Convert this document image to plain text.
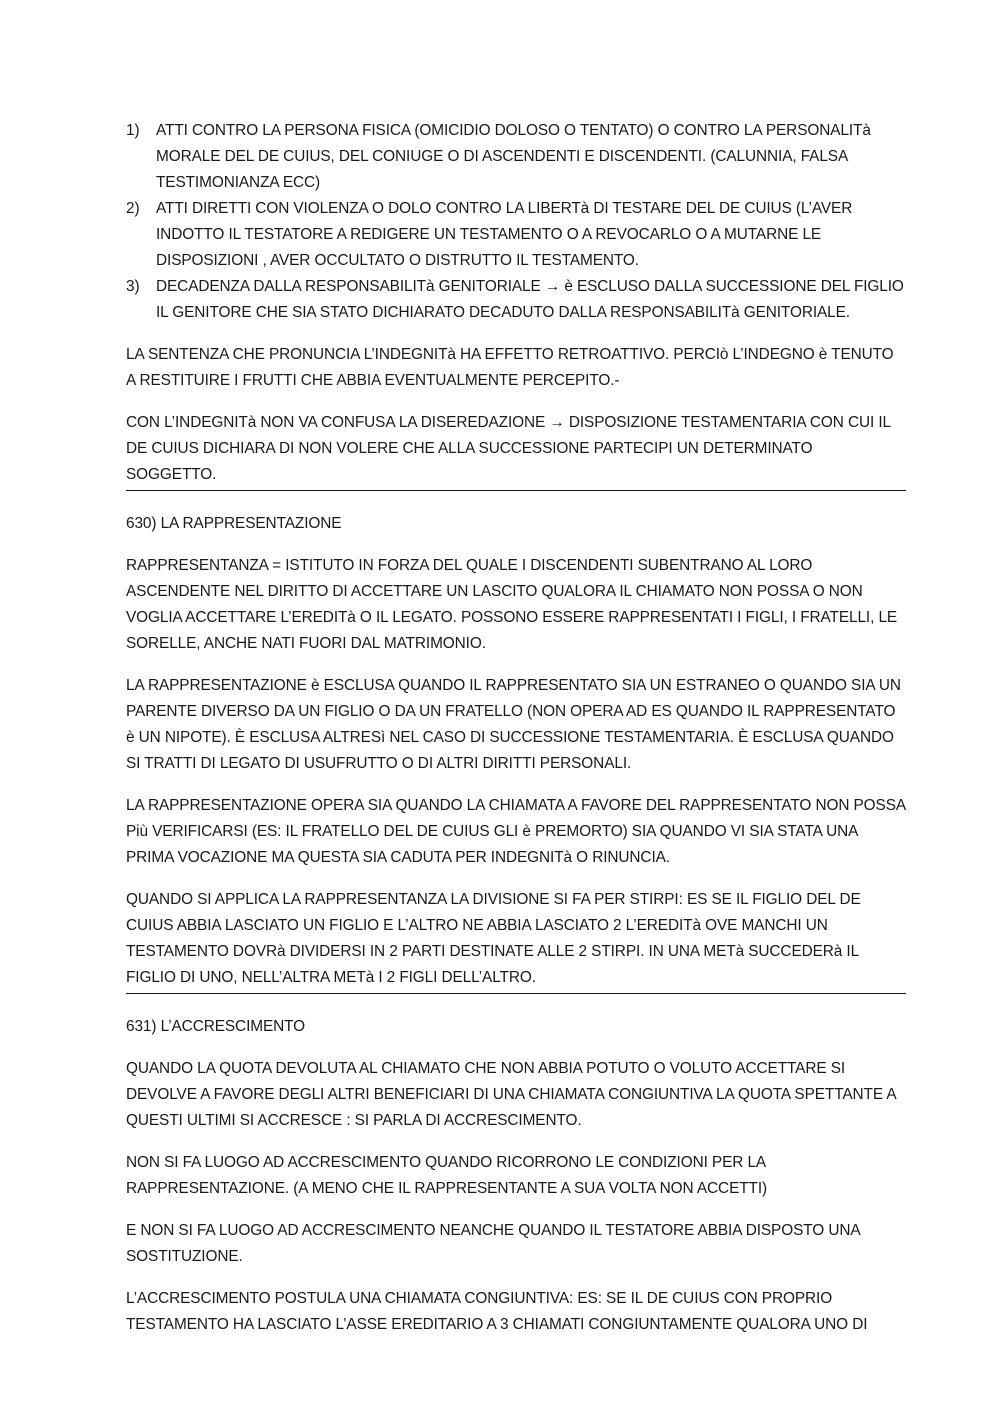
1) ATTI CONTRO LA PERSONA FISICA (OMICIDIO DOLOSO O TENTATO) O CONTRO LA PERSONALITà MORALE DEL DE CUIUS, DEL CONIUGE O DI ASCENDENTI E DISCENDENTI. (CALUNNIA, FALSA TESTIMONIANZA ECC)
2) ATTI DIRETTI CON VIOLENZA O DOLO CONTRO LA LIBERTà DI TESTARE DEL DE CUIUS (L’AVER INDOTTO IL TESTATORE A REDIGERE UN TESTAMENTO O A REVOCARLO O A MUTARNE LE DISPOSIZIONI , AVER OCCULTATO O DISTRUTTO IL TESTAMENTO.
3) DECADENZA DALLA RESPONSABILITà GENITORIALE → è ESCLUSO DALLA SUCCESSIONE DEL FIGLIO IL GENITORE CHE SIA STATO DICHIARATO DECADUTO DALLA RESPONSABILITà GENITORIALE.

LA SENTENZA CHE PRONUNCIA L’INDEGNITà HA EFFETTO RETROATTIVO. PERCIò L’INDEGNO è TENUTO A RESTITUIRE I FRUTTI CHE ABBIA EVENTUALMENTE PERCEPITO.-

CON L’INDEGNITà NON VA CONFUSA LA DISEREDAZIONE → DISPOSIZIONE TESTAMENTARIA CON CUI IL DE CUIUS DICHIARA DI NON VOLERE CHE ALLA SUCCESSIONE PARTECIPI UN DETERMINATO SOGGETTO.

630) LA RAPPRESENTAZIONE

RAPPRESENTANZA = ISTITUTO IN FORZA DEL QUALE I DISCENDENTI SUBENTRANO AL LORO ASCENDENTE NEL DIRITTO DI ACCETTARE UN LASCITO QUALORA IL CHIAMATO NON POSSA O NON VOGLIA ACCETTARE L’EREDITà O IL LEGATO. POSSONO ESSERE RAPPRESENTATI I FIGLI, I FRATELLI, LE SORELLE, ANCHE NATI FUORI DAL MATRIMONIO.

LA RAPPRESENTAZIONE è ESCLUSA QUANDO IL RAPPRESENTATO SIA UN ESTRANEO O QUANDO SIA UN PARENTE DIVERSO DA UN FIGLIO O DA UN FRATELLO (NON OPERA AD ES QUANDO IL RAPPRESENTATO è UN NIPOTE). È ESCLUSA ALTRESì NEL CASO DI SUCCESSIONE TESTAMENTARIA. È ESCLUSA QUANDO SI TRATTI DI LEGATO DI USUFRUTTO O DI ALTRI DIRITTI PERSONALI.

LA RAPPRESENTAZIONE OPERA SIA QUANDO LA CHIAMATA A FAVORE DEL RAPPRESENTATO NON POSSA Più VERIFICARSI (ES: IL FRATELLO DEL DE CUIUS GLI è PREMORTO) SIA QUANDO VI SIA STATA UNA PRIMA VOCAZIONE MA QUESTA SIA CADUTA PER INDEGNITà O RINUNCIA.

QUANDO SI APPLICA LA RAPPRESENTANZA LA DIVISIONE SI FA PER STIRPI: ES SE IL FIGLIO DEL DE CUIUS ABBIA LASCIATO UN FIGLIO E L’ALTRO NE ABBIA LASCIATO 2 L’EREDITà OVE MANCHI UN TESTAMENTO DOVRà DIVIDERSI IN 2 PARTI DESTINATE ALLE 2 STIRPI. IN UNA METà SUCCEDERà IL FIGLIO DI UNO, NELL’ALTRA METà I 2 FIGLI DELL’ALTRO.

631) L’ACCRESCIMENTO

QUANDO LA QUOTA DEVOLUTA AL CHIAMATO CHE NON ABBIA POTUTO O VOLUTO ACCETTARE SI DEVOLVE A FAVORE DEGLI ALTRI BENEFICIARI DI UNA CHIAMATA CONGIUNTIVA LA QUOTA SPETTANTE A QUESTI ULTIMI SI ACCRESCE : SI PARLA DI ACCRESCIMENTO.

NON SI FA LUOGO AD ACCRESCIMENTO QUANDO RICORRONO LE CONDIZIONI PER LA RAPPRESENTAZIONE. (A MENO CHE IL RAPPRESENTANTE A SUA VOLTA NON ACCETTI)

E NON SI FA LUOGO AD ACCRESCIMENTO NEANCHE QUANDO IL TESTATORE ABBIA DISPOSTO UNA SOSTITUZIONE.

L’ACCRESCIMENTO POSTULA UNA CHIAMATA CONGIUNTIVA: ES: SE IL DE CUIUS CON PROPRIO TESTAMENTO HA LASCIATO L’ASSE EREDITARIO A 3 CHIAMATI CONGIUNTAMENTE QUALORA UNO DI
